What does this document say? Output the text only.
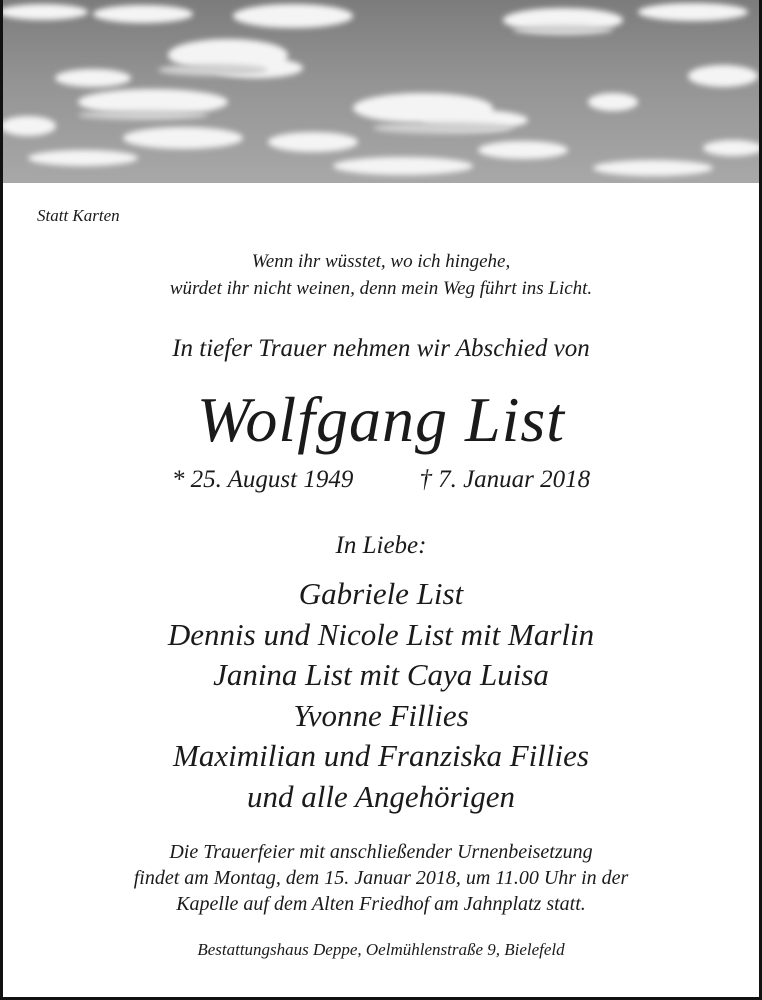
Statt Karten
Wenn ihr wüsstet, wo ich hingehe,
würdet ihr nicht weinen, denn mein Weg führt ins Licht.
In tiefer Trauer nehmen wir Abschied von
Wolfgang List
* 25. August 1949	† 7. Januar 2018
In Liebe:
Gabriele List
Dennis und Nicole List mit Marlin
Janina List mit Caya Luisa
Yvonne Fillies
Maximilian und Franziska Fillies
und alle Angehörigen
Die Trauerfeier mit anschließender Urnenbeisetzung
findet am Montag, dem 15. Januar 2018, um 11.00 Uhr in der
Kapelle auf dem Alten Friedhof am Jahnplatz statt.
Bestattungshaus Deppe, Oelmühlenstraße 9, Bielefeld
